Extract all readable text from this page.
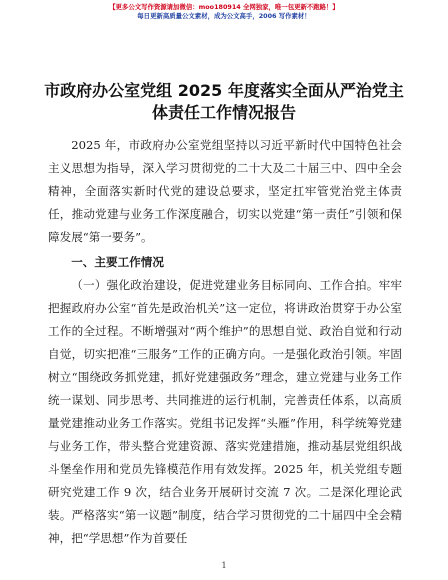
【更多公文写作资源请加微信：moo180914 全网独家，唯一包更新不跑路！】
每日更新高质量公文素材，成为公文高手，2006 写作素材！
市政府办公室党组 2025 年度落实全面从严治党主体责任工作情况报告

2025 年，市政府办公室党组坚持以习近平新时代中国特色社会主义思想为指导，深入学习贯彻党的二十大及二十届三中、四中全会精神，全面落实新时代党的建设总要求，坚定扛牢管党治党主体责任，推动党建与业务工作深度融合，切实以党建“第一责任”引领和保障发展“第一要务”。

一、主要工作情况

（一）强化政治建设，促进党建业务目标同向、工作合拍。牢牢把握政府办公室“首先是政治机关”这一定位，将讲政治贯穿于办公室工作的全过程。不断增强对“两个维护”的思想自觉、政治自觉和行动自觉，切实把准“三服务”工作的正确方向。一是强化政治引领。牢固树立“围绕政务抓党建，抓好党建强政务”理念，建立党建与业务工作统一谋划、同步思考、共同推进的运行机制，完善责任体系，以高质量党建推动业务工作落实。党组书记发挥“头雁”作用，科学统筹党建与业务工作，带头整合党建资源、落实党建措施，推动基层党组织战斗堡垒作用和党员先锋模范作用有效发挥。2025 年，机关党组专题研究党建工作 9 次，结合业务开展研讨交流 7 次。二是深化理论武装。严格落实“第一议题”制度，结合学习贯彻党的二十届四中全会精神，把“学思想”作为首要任

1
